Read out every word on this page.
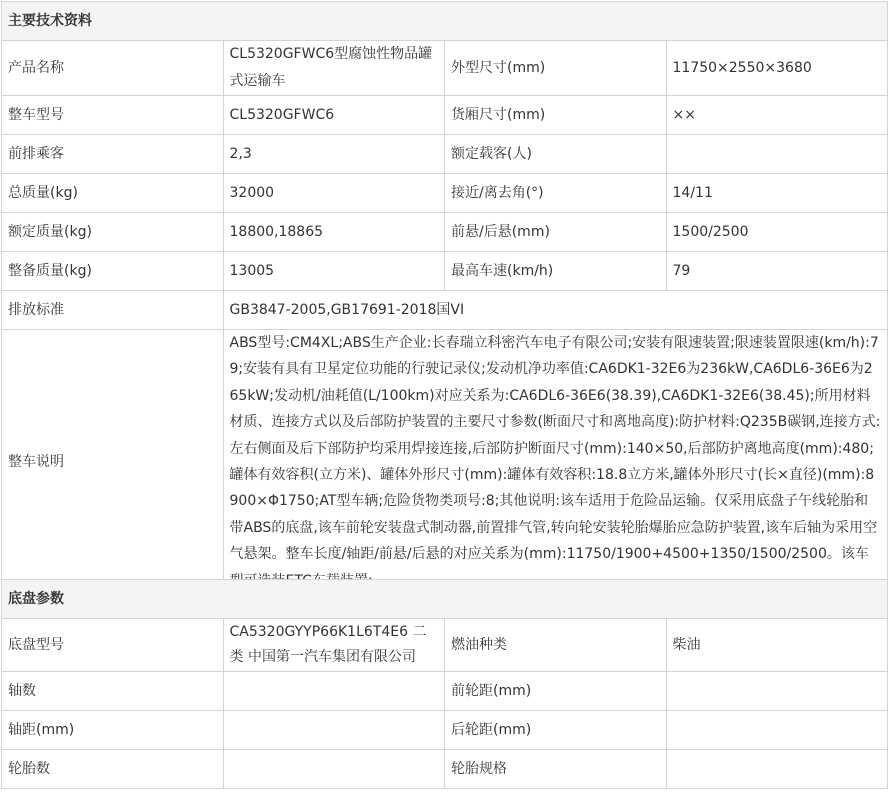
主要技术资料			
产品名称	CL5320GFWC6型腐蚀性物品罐式运输车	外型尺寸(mm)	11750×2550×3680
整车型号	CL5320GFWC6	货厢尺寸(mm)	××
前排乘客	2,3	额定载客(人)	
总质量(kg)	32000	接近/离去角(°)	14/11
额定质量(kg)	18800,18865	前悬/后悬(mm)	1500/2500
整备质量(kg)	13005	最高车速(km/h)	79
排放标准	GB3847-2005,GB17691-2018国VI		
整车说明	ABS型号:CM4XL;ABS生产企业:长春瑞立科密汽车电子有限公司;安装有限速装置;限速装置限速(km/h):79;安装有具有卫星定位功能的行驶记录仪;发动机净功率值:CA6DK1-32E6为236kW,CA6DL6-36E6为265kW;发动机/油耗值(L/100km)对应关系为:CA6DL6-36E6(38.39),CA6DK1-32E6(38.45);所用材料材质、连接方式以及后部防护装置的主要尺寸参数(断面尺寸和离地高度):防护材料:Q235B碳钢,连接方式:左右侧面及后下部防护均采用焊接连接,后部防护断面尺寸(mm):140×50,后部防护离地高度(mm):480;罐体有效容积(立方米)、罐体外形尺寸(mm):罐体有效容积:18.8立方米,罐体外形尺寸(长×直径)(mm):8900×Φ1750;AT型车辆;危险货物类项号:8;其他说明:该车适用于危险品运输。仅采用底盘子午线轮胎和带ABS的底盘,该车前轮安装盘式制动器,前置排气管,转向轮安装轮胎爆胎应急防护装置,该车后轴为采用空气悬架。整车长度/轴距/前悬/后悬的对应关系为(mm):11750/1900+4500+1350/1500/2500。该车		
底盘参数			
底盘型号	CA5320GYYP66K1L6T4E6 二类 中国第一汽车集团有限公司	燃油种类	柴油
轴数		前轮距(mm)	
轴距(mm)		后轮距(mm)	
轮胎数		轮胎规格	
